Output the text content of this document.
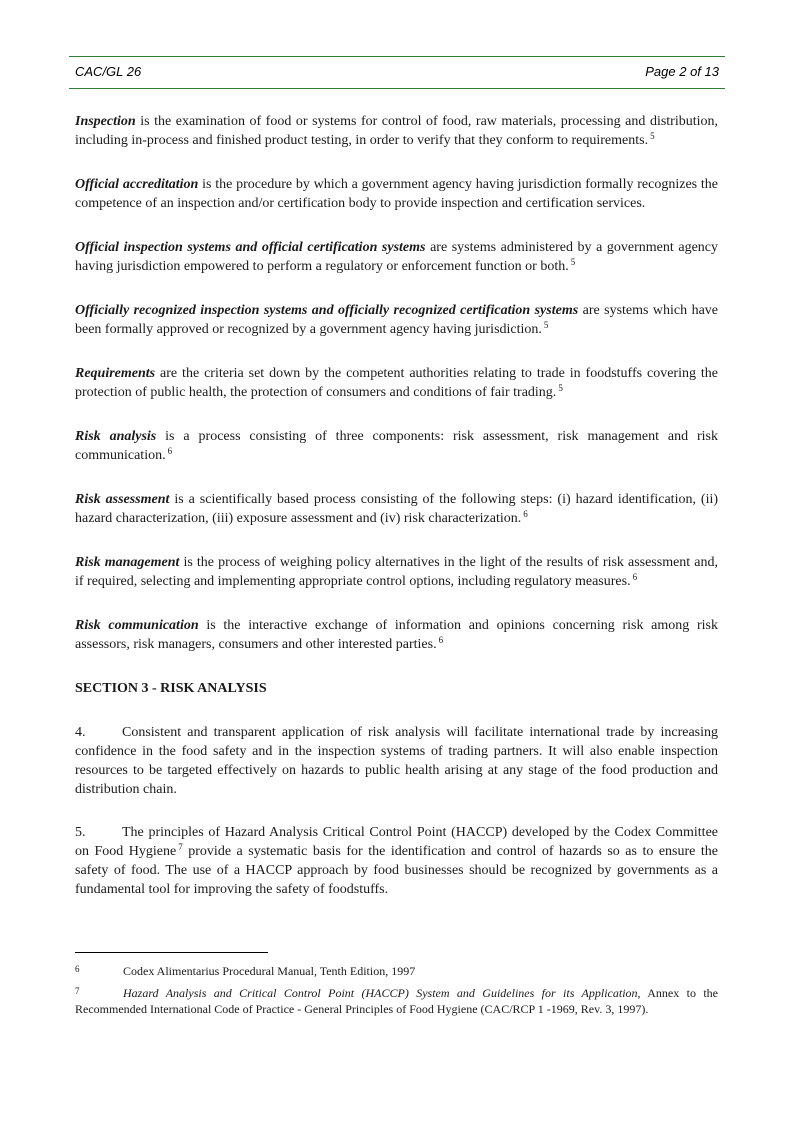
CAC/GL 26	Page 2 of 13

Inspection is the examination of food or systems for control of food, raw materials, processing and distribution, including in-process and finished product testing, in order to verify that they conform to requirements. $^5$

Official accreditation is the procedure by which a government agency having jurisdiction formally recognizes the competence of an inspection and/or certification body to provide inspection and certification services.

Official inspection systems and official certification systems are systems administered by a government agency having jurisdiction empowered to perform a regulatory or enforcement function or both. $^5$

Officially recognized inspection systems and officially recognized certification systems are systems which have been formally approved or recognized by a government agency having jurisdiction. $^5$

Requirements are the criteria set down by the competent authorities relating to trade in foodstuffs covering the protection of public health, the protection of consumers and conditions of fair trading. $^5$

Risk analysis is a process consisting of three components: risk assessment, risk management and risk communication. $^6$

Risk assessment is a scientifically based process consisting of the following steps: (i) hazard identification, (ii) hazard characterization, (iii) exposure assessment and (iv) risk characterization. $^6$

Risk management is the process of weighing policy alternatives in the light of the results of risk assessment and, if required, selecting and implementing appropriate control options, including regulatory measures. $^6$

Risk communication is the interactive exchange of information and opinions concerning risk among risk assessors, risk managers, consumers and other interested parties. $^6$

SECTION 3 - RISK ANALYSIS

4.	Consistent and transparent application of risk analysis will facilitate international trade by increasing confidence in the food safety and in the inspection systems of trading partners. It will also enable inspection resources to be targeted effectively on hazards to public health arising at any stage of the food production and distribution chain.

5.	The principles of Hazard Analysis Critical Control Point (HACCP) developed by the Codex Committee on Food Hygiene $^7$ provide a systematic basis for the identification and control of hazards so as to ensure the safety of food. The use of a HACCP approach by food businesses should be recognized by governments as a fundamental tool for improving the safety of foodstuffs.

6	Codex Alimentarius Procedural Manual, Tenth Edition, 1997

7	Hazard Analysis and Critical Control Point (HACCP) System and Guidelines for its Application, Annex to the Recommended International Code of Practice - General Principles of Food Hygiene (CAC/RCP 1 -1969, Rev. 3, 1997).
